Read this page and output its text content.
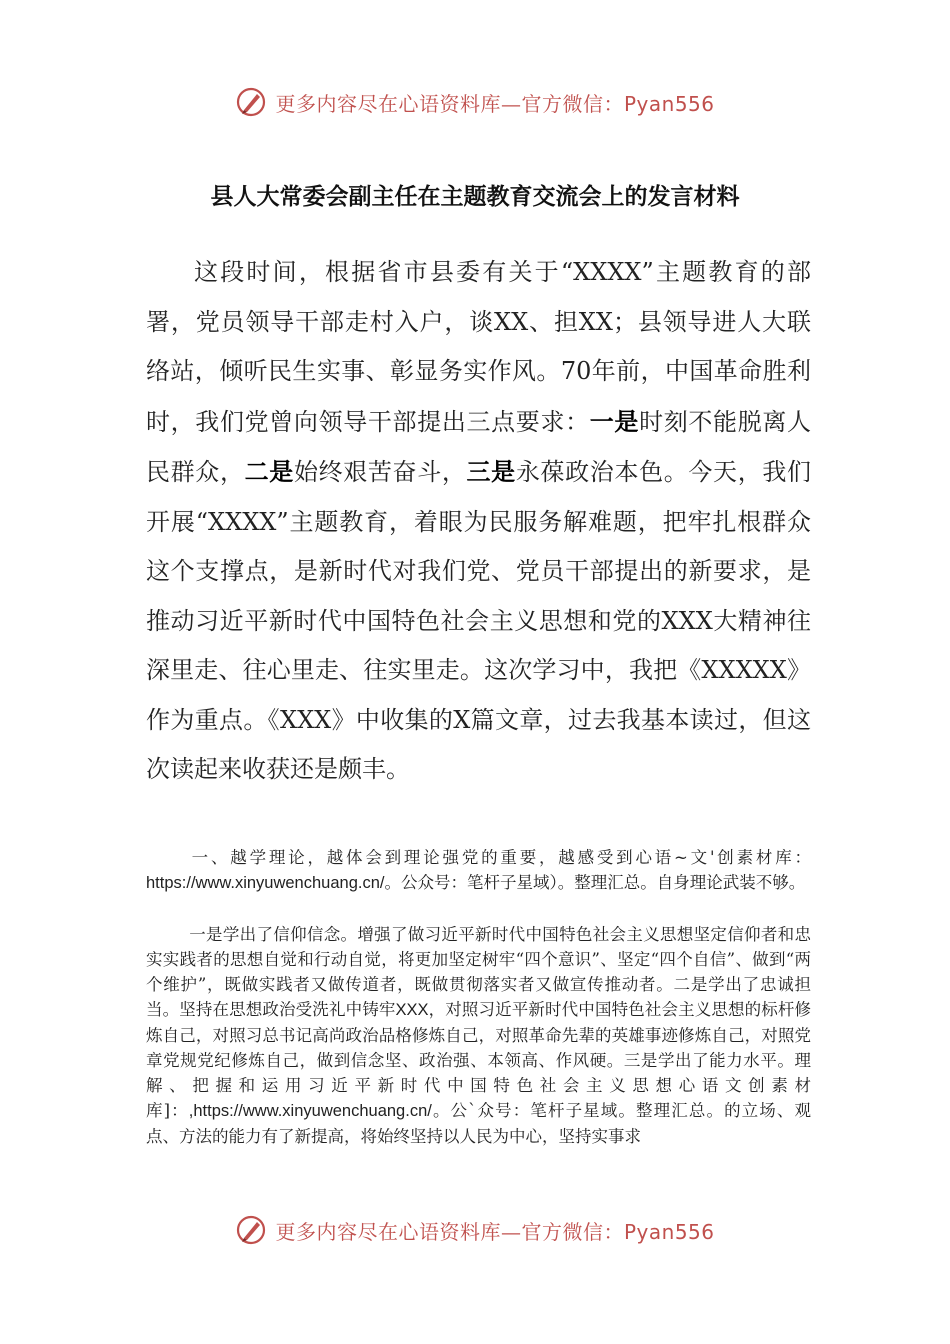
更多内容尽在心语资料库—官方微信：Pyan556
县人大常委会副主任在主题教育交流会上的发言材料
这段时间，根据省市县委有关于“XXXX”主题教育的部署，党员领导干部走村入户，谈XX、担XX；县领导进人大联络站，倾听民生实事、彰显务实作风。70年前，中国革命胜利时，我们党曾向领导干部提出三点要求：一是时刻不能脱离人民群众，二是始终艰苦奋斗，三是永葆政治本色。今天，我们开展“XXXX”主题教育，着眼为民服务解难题，把牢扎根群众这个支撑点，是新时代对我们党、党员干部提出的新要求，是推动习近平新时代中国特色社会主义思想和党的XXX大精神往深里走、往心里走、往实里走。这次学习中，我把《XXXXX》作为重点。《XXX》中收集的X篇文章，过去我基本读过，但这次读起来收获还是颇丰。
一、越学理论，越体会到理论强党的重要，越感受到心语~文'创素材库：https://www.xinyuwenchuang.cn/。公众号：笔杆子星域）。整理汇总。自身理论武装不够。
一是学出了信仰信念。增强了做习近平新时代中国特色社会主义思想坚定信仰者和忠实实践者的思想自觉和行动自觉，将更加坚定树牢“四个意识”、坚定“四个自信”、做到“两个维护”，既做实践者又做传道者，既做贯彻落实者又做宣传推动者。二是学出了忠诚担当。坚持在思想政治受洗礼中铸牢XXX，对照习近平新时代中国特色社会主义思想的标杆修炼自己，对照习总书记高尚政治品格修炼自己，对照革命先辈的英雄事迹修炼自己，对照党章党规党纪修炼自己，做到信念坚、政治强、本领高、作风硬。三是学出了能力水平。理解、把握和运用习近平新时代中国特色社会主义思想心语文创素材库]：,https://www.xinyuwenchuang.cn/。公`众号：笔杆子星域。整理汇总。的立场、观点、方法的能力有了新提高，将始终坚持以人民为中心，坚持实事求
更多内容尽在心语资料库—官方微信：Pyan556
